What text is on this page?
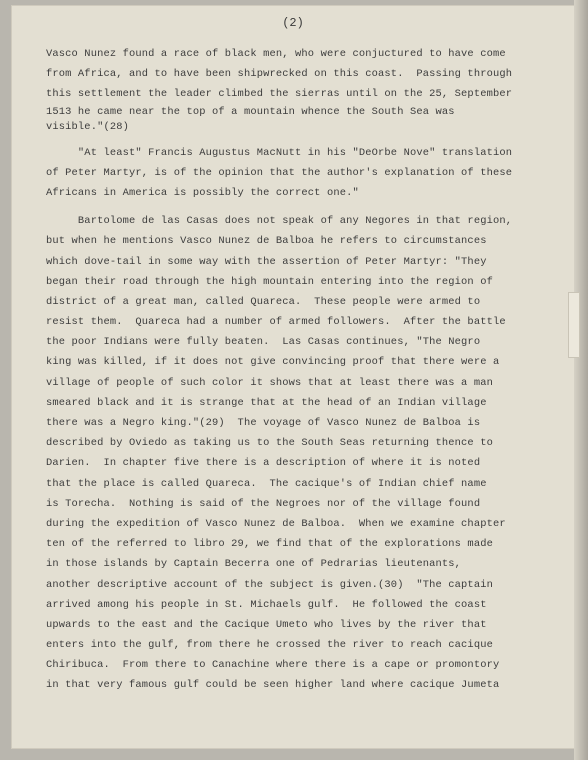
(2)
Vasco Nunez found a race of black men, who were conjuctured to have come
from Africa, and to have been shipwrecked on this coast.  Passing through
this settlement the leader climbed the sierras until on the 25, September
1513 he came near the top of a mountain whence the South Sea was
visible."(28)
"At least" Francis Augustus MacNutt in his "DeOrbe Nove" translation
of Peter Martyr, is of the opinion that the author's explanation of these
Africans in America is possibly the correct one."
Bartolome de las Casas does not speak of any Negores in that region,
but when he mentions Vasco Nunez de Balboa he refers to circumstances
which dove-tail in some way with the assertion of Peter Martyr: "They
began their road through the high mountain entering into the region of
district of a great man, called Quareca.  These people were armed to
resist them.  Quareca had a number of armed followers.  After the battle
the poor Indians were fully beaten.  Las Casas continues, "The Negro
king was killed, if it does not give convincing proof that there were a
village of people of such color it shows that at least there was a man
smeared black and it is strange that at the head of an Indian village
there was a Negro king."(29)  The voyage of Vasco Nunez de Balboa is
described by Oviedo as taking us to the South Seas returning thence to
Darien.  In chapter five there is a description of where it is noted
that the place is called Quareca.  The cacique's of Indian chief name
is Torecha.  Nothing is said of the Negroes nor of the village found
during the expedition of Vasco Nunez de Balboa.  When we examine chapter
ten of the referred to libro 29, we find that of the explorations made
in those islands by Captain Becerra one of Pedrarias lieutenants,
another descriptive account of the subject is given.(30)  "The captain
arrived among his people in St. Michaels gulf.  He followed the coast
upwards to the east and the Cacique Umeto who lives by the river that
enters into the gulf, from there he crossed the river to reach cacique
Chiribuca.  From there to Canachine where there is a cape or promontory
in that very famous gulf could be seen higher land where cacique Jumeta
